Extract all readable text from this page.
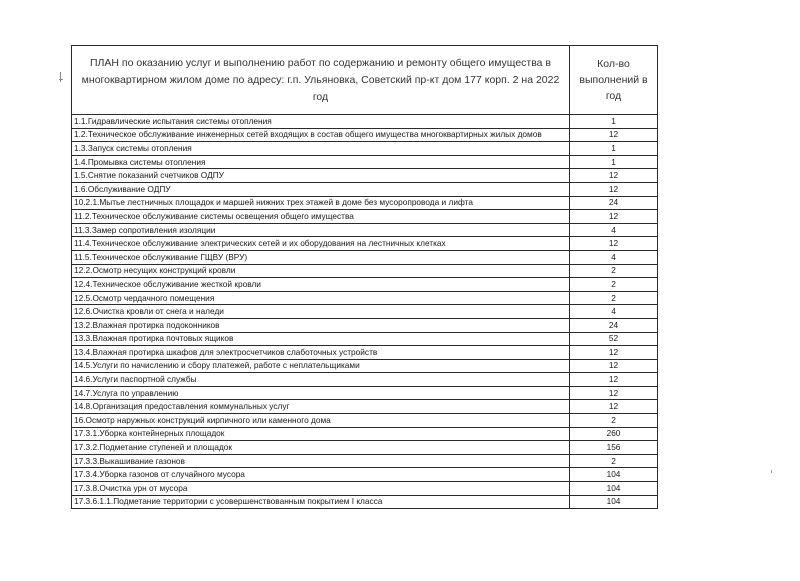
ПЛАН по оказанию услуг и выполнению работ по содержанию и ремонту общего имущества в многоквартирном жилом доме по адресу: г.п. Ульяновка, Советский пр-кт дом 177 корп. 2 на 2022 год	Кол-во выполнений в год
1.1.Гидравлические испытания системы отопления	1
1.2.Техническое обслуживание инженерных сетей входящих в состав общего имущества многоквартирных жилых домов	12
1.3.Запуск системы отопления	1
1.4.Промывка системы отопления	1
1.5.Снятие показаний счетчиков ОДПУ	12
1.6.Обслуживание ОДПУ	12
10.2.1.Мытье лестничных площадок и маршей нижних трех этажей в доме без мусоропровода и лифта	24
11.2.Техническое обслуживание системы освещения общего имущества	12
11.3.Замер сопротивления изоляции	4
11.4.Техническое обслуживание электрических сетей и их оборудования на лестничных клетках	12
11.5.Техническое обслуживание ГЩВУ (ВРУ)	4
12.2.Осмотр несущих конструкций кровли	2
12.4.Техническое обслуживание жесткой кровли	2
12.5.Осмотр чердачного помещения	2
12.6.Очистка кровли от снега и наледи	4
13.2.Влажная протирка подоконников	24
13.3.Влажная протирка почтовых ящиков	52
13.4.Влажная протирка шкафов для электросчетчиков слаботочных устройств	12
14.5.Услуги по начислению и сбору платежей, работе с неплательщиками	12
14.6.Услуги паспортной службы	12
14.7.Услуга по управлению	12
14.8.Организация предоставления коммунальных услуг	12
16.Осмотр наружных конструкций кирпичного или каменного дома	2
17.3.1.Уборка контейнерных площадок	260
17.3.2.Подметание ступеней и площадок	156
17.3.3.Выкашивание газонов	2
17.3.4.Уборка газонов от случайного мусора	104
17.3.8.Очистка урн от мусора	104
17.3.6.1.1.Подметание территории с усовершенствованным покрытием I класса	104
